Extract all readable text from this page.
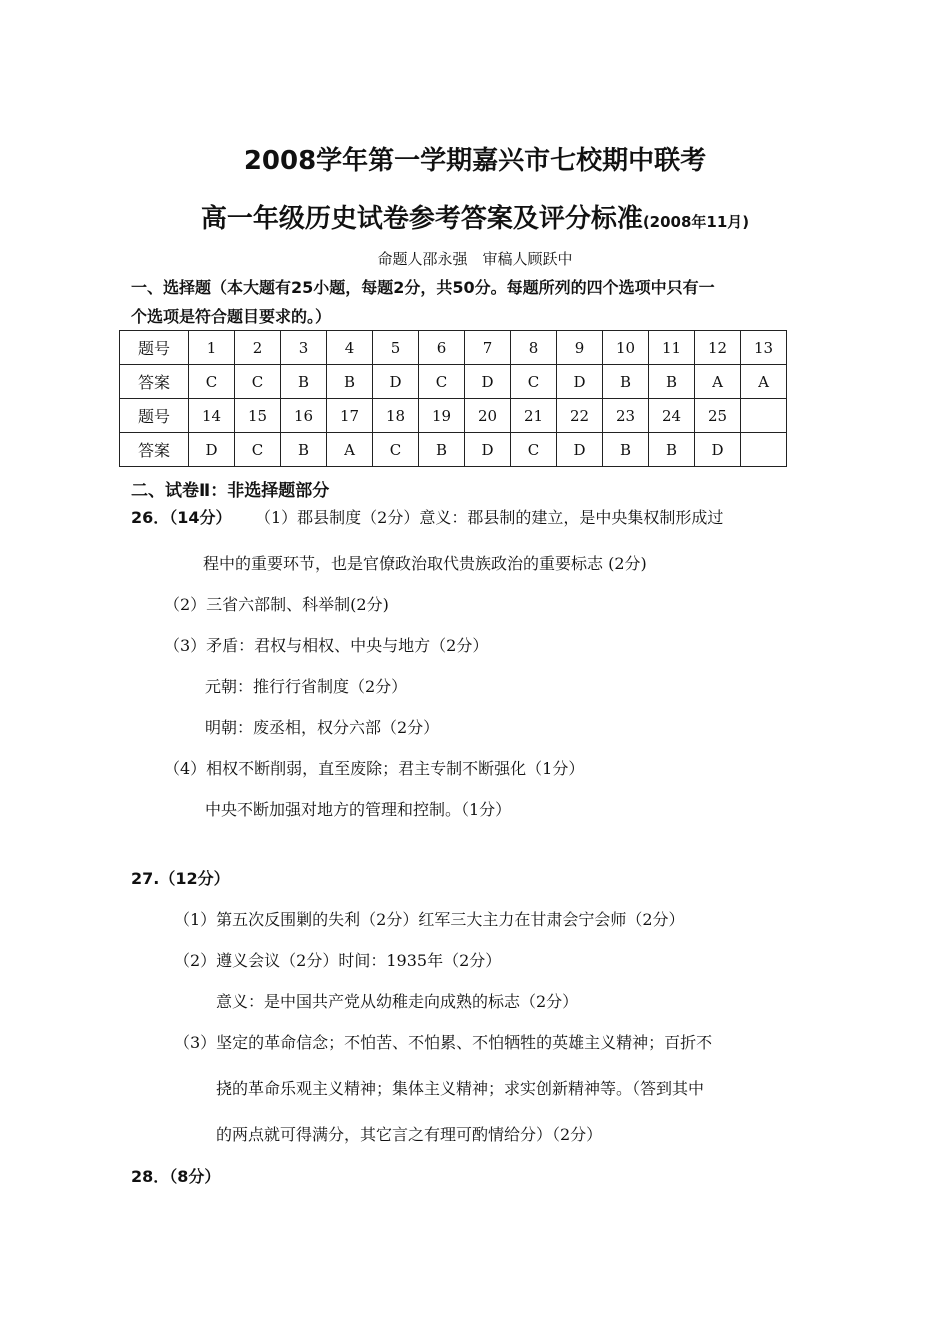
2008学年第一学期嘉兴市七校期中联考
高一年级历史试卷参考答案及评分标准(2008年11月)
命题人邵永强　审稿人顾跃中
一、选择题（本大题有25小题，每题2分，共50分。每题所列的四个选项中只有一
个选项是符合题目要求的。）
题号	1	2	3	4	5	6	7	8	9	10	11	12	13
答案	C	C	B	B	D	C	D	C	D	B	B	A	A
题号	14	15	16	17	18	19	20	21	22	23	24	25	
答案	D	C	B	A	C	B	D	C	D	B	B	D	
二、试卷Ⅱ：非选择题部分
26．（14分） （1）郡县制度（2分）意义：郡县制的建立，是中央集权制形成过
程中的重要环节，也是官僚政治取代贵族政治的重要标志 (2分)
（2）三省六部制、科举制(2分)
（3）矛盾：君权与相权、中央与地方（2分）
元朝：推行行省制度（2分）
明朝：废丞相，权分六部（2分）
（4）相权不断削弱，直至废除；君主专制不断强化（1分）
中央不断加强对地方的管理和控制。（1分）
27.（12分）
（1）第五次反围剿的失利（2分）红军三大主力在甘肃会宁会师（2分）
（2）遵义会议（2分）时间：1935年（2分）
意义：是中国共产党从幼稚走向成熟的标志（2分）
（3）坚定的革命信念；不怕苦、不怕累、不怕牺牲的英雄主义精神；百折不
挠的革命乐观主义精神；集体主义精神；求实创新精神等。（答到其中
的两点就可得满分，其它言之有理可酌情给分）（2分）
28．（8分）
